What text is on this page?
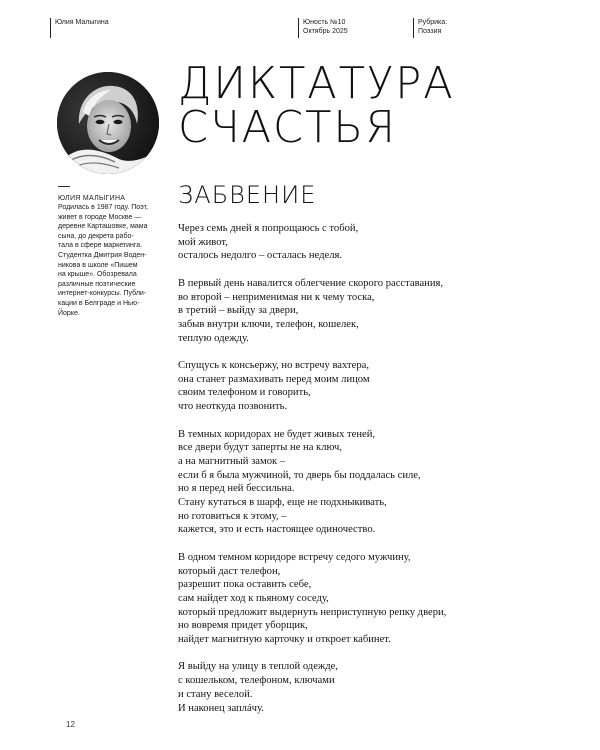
Юлия Малыгина	Юность №10
Октябрь 2025
Рубрика:
Поэзия
ДИКТАТУРА
СЧАСТЬЯ
ЮЛИЯ МАЛЫГИНА
Родилась в 1987 году. Поэт,
живет в городе Москве —
деревне Карташовке, мама
сына, до декрета рабо-
тала в сфере маркетинга.
Студентка Дмитрия Воден-
никова в школе «Пишем
на крыше». Обозревала
различные поэтические
интернет-конкурсы. Публи-
кации в Белграде и Нью-
Йорке.
ЗАБВЕНИЕ
Через семь дней я попрощаюсь с тобой,
мой живот,
осталось недолго – осталась неделя.
В первый день навалится облегчение скорого расставания,
во второй – неприменимая ни к чему тоска,
в третий – выйду за двери,
забыв внутри ключи, телефон, кошелек,
теплую одежду.
Спущусь к консьержу, но встречу вахтера,
она станет размахивать перед моим лицом
своим телефоном и говорить,
что неоткуда позвонить.
В темных коридорах не будет живых теней,
все двери будут заперты не на ключ,
а на магнитный замок –
если б я была мужчиной, то дверь бы поддалась силе,
но я перед ней бессильна.
Стану кутаться в шарф, еще не подхныкивать,
но готовиться к этому, –
кажется, это и есть настоящее одиночество.
В одном темном коридоре встречу седого мужчину,
который даст телефон,
разрешит пока оставить себе,
сам найдет ход к пьяному соседу,
который предложит выдернуть неприступную репку двери,
но вовремя придет уборщик,
найдет магнитную карточку и откроет кабинет.
Я выйду на улицу в теплой одежде,
с кошельком, телефоном, ключами
и стану веселой.
И наконец заплáчу.
12
